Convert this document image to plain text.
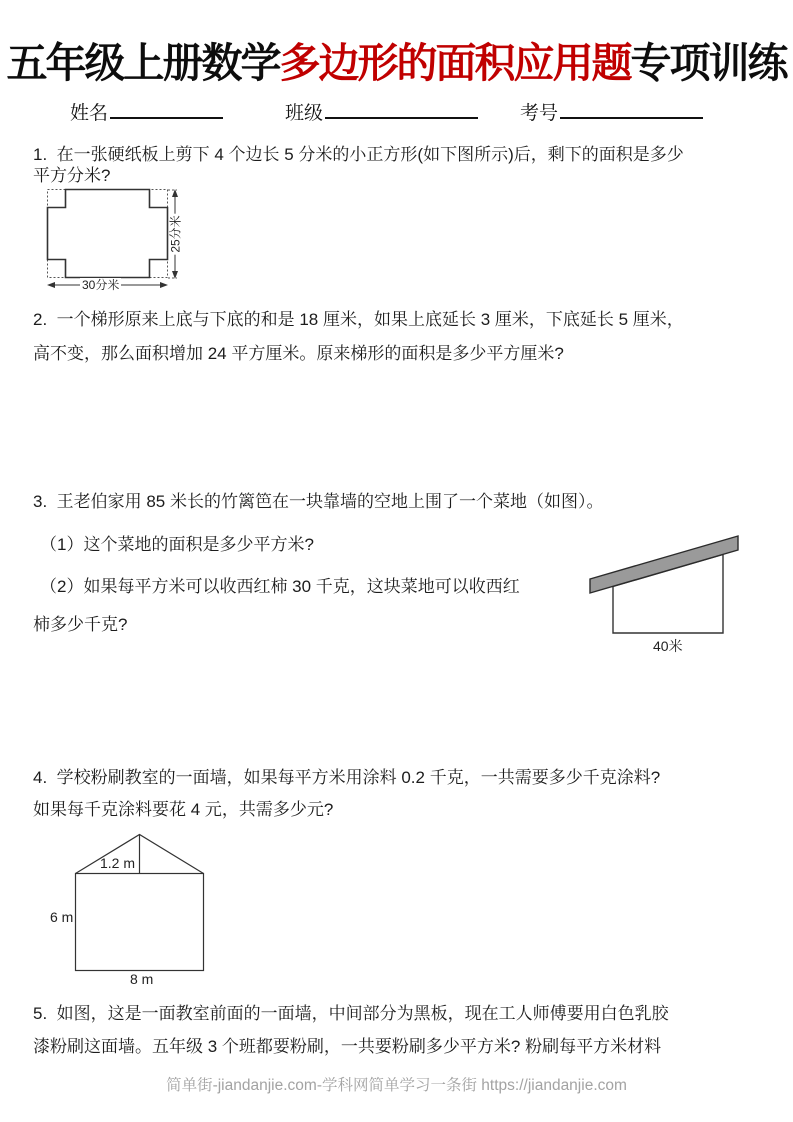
五年级上册数学多边形的面积应用题专项训练
姓名	班级	考号
1.  在一张硬纸板上剪下 4 个边长 5 分米的小正方形(如下图所示)后，剩下的面积是多少
平方分米?
25分米
30分米
2.  一个梯形原来上底与下底的和是 18 厘米，如果上底延长 3 厘米，下底延长 5 厘米，
高不变，那么面积增加 24 平方厘米。原来梯形的面积是多少平方厘米?
3.  王老伯家用 85 米长的竹篱笆在一块靠墙的空地上围了一个菜地（如图）。
（1）这个菜地的面积是多少平方米?
（2）如果每平方米可以收西红柿 30 千克，这块菜地可以收西红
柿多少千克?
40米
4.  学校粉刷教室的一面墙，如果每平方米用涂料 0.2 千克，一共需要多少千克涂料?
如果每千克涂料要花 4 元，共需多少元?
1.2 m
6 m
8 m
5.  如图，这是一面教室前面的一面墙，中间部分为黑板，现在工人师傅要用白色乳胶
漆粉刷这面墙。五年级 3 个班都要粉刷，一共要粉刷多少平方米? 粉刷每平方米材料
简单街-jiandanjie.com-学科网简单学习一条街 https://jiandanjie.com
